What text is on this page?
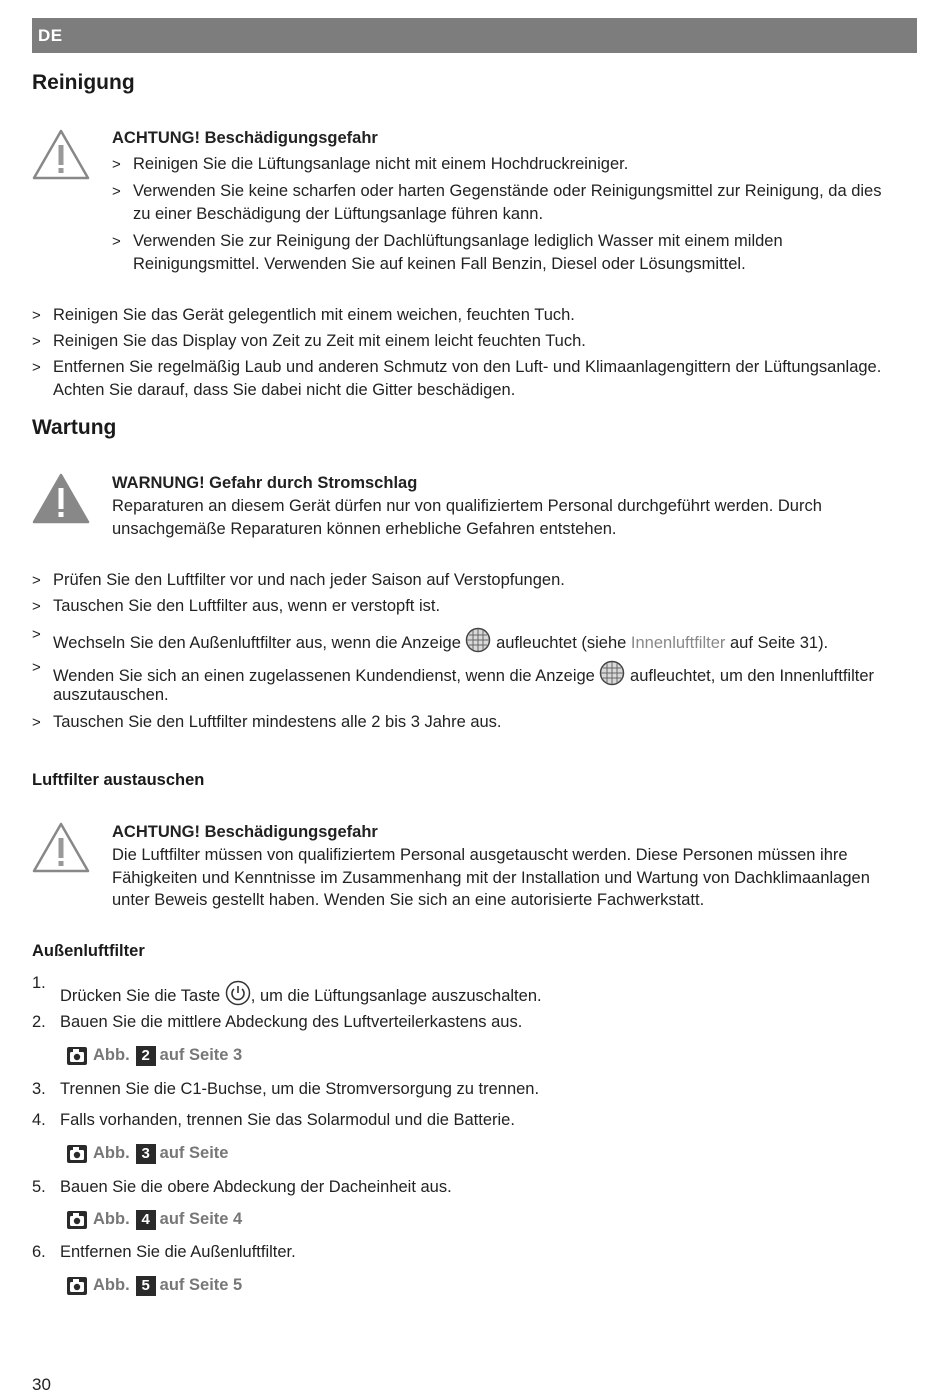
DE
Reinigung
ACHTUNG! Beschädigungsgefahr
> Reinigen Sie die Lüftungsanlage nicht mit einem Hochdruckreiniger.
> Verwenden Sie keine scharfen oder harten Gegenstände oder Reinigungsmittel zur Reinigung, da dies
zu einer Beschädigung der Lüftungsanlage führen kann.
> Verwenden Sie zur Reinigung der Dachlüftungsanlage lediglich Wasser mit einem milden
Reinigungsmittel. Verwenden Sie auf keinen Fall Benzin, Diesel oder Lösungsmittel.
> Reinigen Sie das Gerät gelegentlich mit einem weichen, feuchten Tuch.
> Reinigen Sie das Display von Zeit zu Zeit mit einem leicht feuchten Tuch.
> Entfernen Sie regelmäßig Laub und anderen Schmutz von den Luft- und Klimaanlagengittern der Lüftungsanlage.
Achten Sie darauf, dass Sie dabei nicht die Gitter beschädigen.
Wartung
WARNUNG! Gefahr durch Stromschlag
Reparaturen an diesem Gerät dürfen nur von qualifiziertem Personal durchgeführt werden. Durch
unsachgemäße Reparaturen können erhebliche Gefahren entstehen.
> Prüfen Sie den Luftfilter vor und nach jeder Saison auf Verstopfungen.
> Tauschen Sie den Luftfilter aus, wenn er verstopft ist.
> Wechseln Sie den Außenluftfilter aus, wenn die Anzeige aufleuchtet (siehe Innenluftfilter auf Seite 31).
> Wenden Sie sich an einen zugelassenen Kundendienst, wenn die Anzeige aufleuchtet, um den Innenluftfilter
auszutauschen.
> Tauschen Sie den Luftfilter mindestens alle 2 bis 3 Jahre aus.
Luftfilter austauschen
ACHTUNG! Beschädigungsgefahr
Die Luftfilter müssen von qualifiziertem Personal ausgetauscht werden. Diese Personen müssen ihre
Fähigkeiten und Kenntnisse im Zusammenhang mit der Installation und Wartung von Dachklimaanlagen
unter Beweis gestellt haben. Wenden Sie sich an eine autorisierte Fachwerkstatt.
Außenluftfilter
1.
Drücken Sie die Taste , um die Lüftungsanlage auszuschalten.
2. Bauen Sie die mittlere Abdeckung des Luftverteilerkastens aus.
Abb. 2 auf Seite 3
3. Trennen Sie die C1-Buchse, um die Stromversorgung zu trennen.
4. Falls vorhanden, trennen Sie das Solarmodul und die Batterie.
Abb. 3 auf Seite
5. Bauen Sie die obere Abdeckung der Dacheinheit aus.
Abb. 4 auf Seite 4
6. Entfernen Sie die Außenluftfilter.
Abb. 5 auf Seite 5
30
